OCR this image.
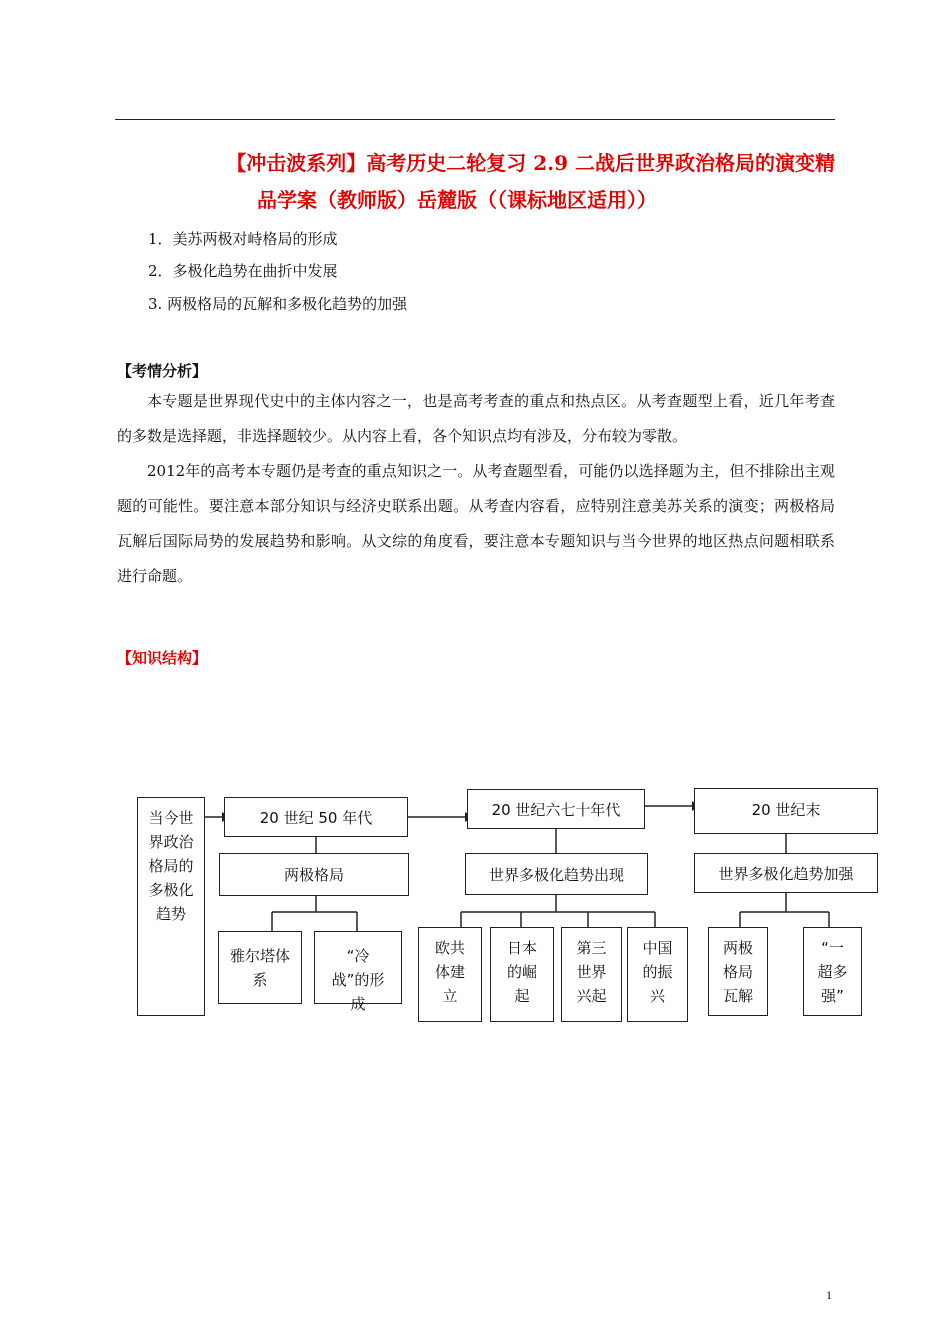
【冲击波系列】高考历史二轮复习 2.9 二战后世界政治格局的演变精
品学案（教师版）岳麓版（（课标地区适用））
1．美苏两极对峙格局的形成
2．多极化趋势在曲折中发展
3. 两极格局的瓦解和多极化趋势的加强
【考情分析】
本专题是世界现代史中的主体内容之一，也是高考考查的重点和热点区。从考查题型上看，近几年考查的多数是选择题，非选择题较少。从内容上看，各个知识点均有涉及，分布较为零散。
2012年的高考本专题仍是考查的重点知识之一。从考查题型看，可能仍以选择题为主，但不排除出主观题的可能性。要注意本部分知识与经济史联系出题。从考查内容看，应特别注意美苏关系的演变；两极格局瓦解后国际局势的发展趋势和影响。从文综的角度看，要注意本专题知识与当今世界的地区热点问题相联系进行命题。
【知识结构】
当今世界政治格局的多极化趋势
20 世纪 50 年代	20 世纪六七十年代	20 世纪末
两极格局	世界多极化趋势出现	世界多极化趋势加强
雅尔塔体系
“冷战”的形成
欧共体建立
日本的崛起
第三世界兴起
中国的振兴
两极格局瓦解
“一超多强”
1
